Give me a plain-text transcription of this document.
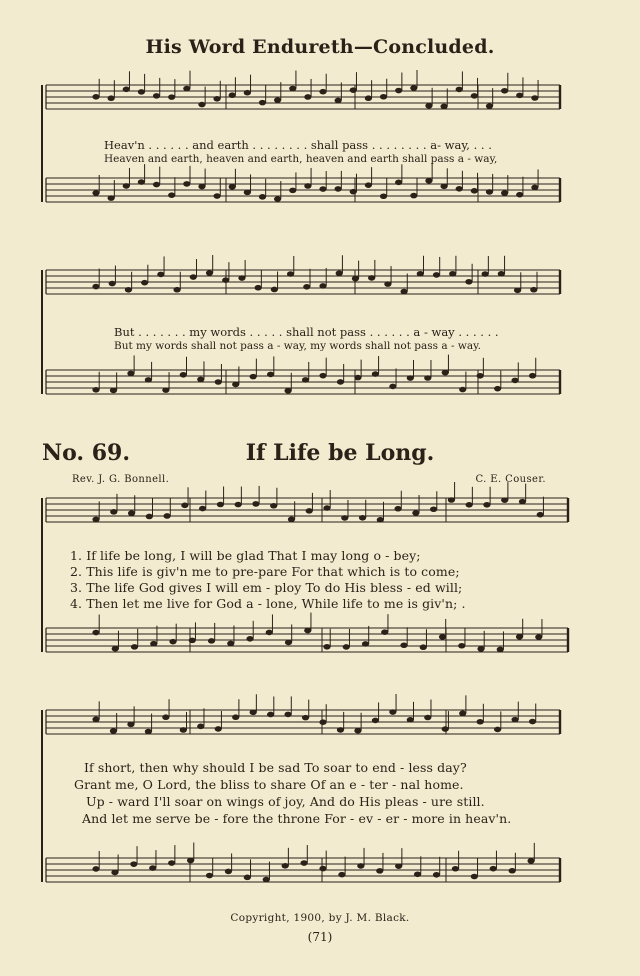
His Word Endureth—Concluded.
Heav'n . . . . . . and earth . . . . . . . . shall pass . . . . . . . . a- way, . . .
Heaven and earth, heaven and earth, heaven and earth shall pass a - way,
But . . . . . . . my words . . . . . shall not pass . . . . . . a - way . . . . . .
But my words shall not pass a - way, my words shall not pass a - way.
No. 69.	If Life be Long.
Rev. J. G. Bonnell.	C. E. Couser.
1. If life be long, I will be glad That I may long o - bey;
2. This life is giv'n me to pre-pare For that which is to come;
3. The life God gives I will em - ploy To do His bless - ed will;
4. Then let me live for God a - lone, While life to me is giv'n; .
If short, then why should I be sad To soar to end - less day?
Grant me, O Lord, the bliss to share Of an e - ter - nal home.
Up - ward I'll soar on wings of joy, And do His pleas - ure still.
And let me serve be - fore the throne For - ev - er - more in heav'n.
Copyright, 1900, by J. M. Black.
(71)
